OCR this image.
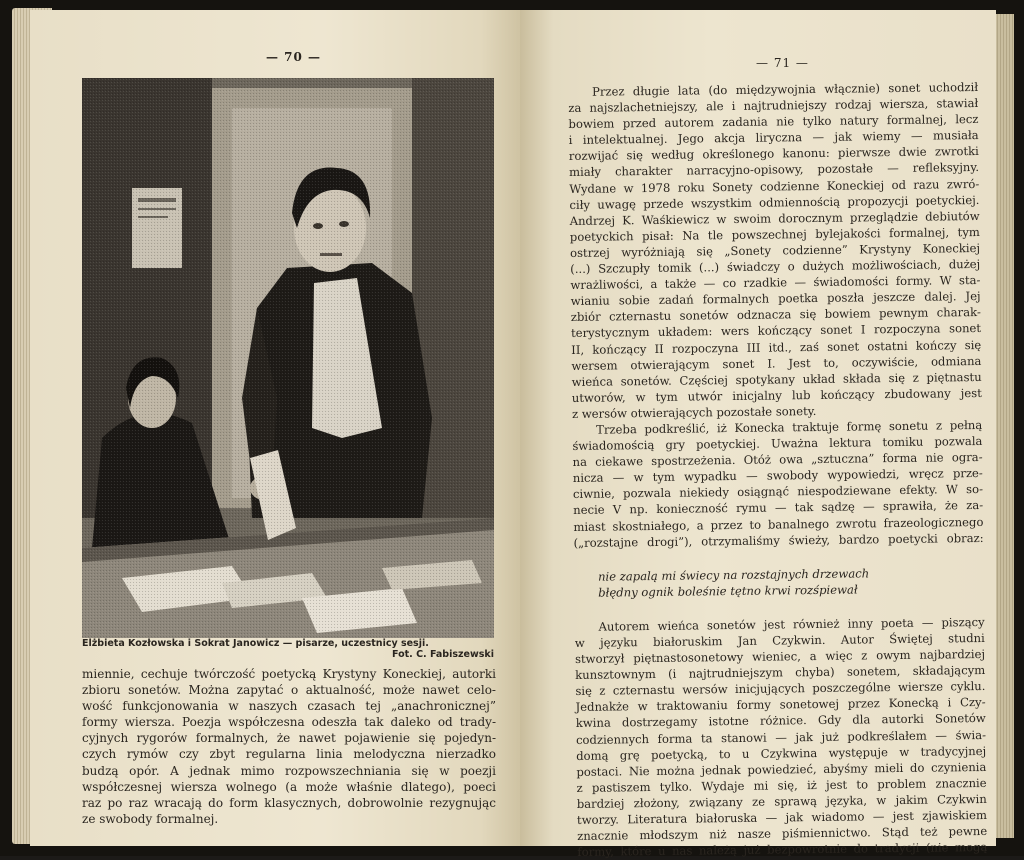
— 70 —
Elżbieta Kozłowska i Sokrat Janowicz — pisarze, uczestnicy sesji.
Fot. C. Fabiszewski
miennie, cechuje twórczość poetycką Krystyny Koneckiej, autorki
zbioru sonetów. Można zapytać o aktualność, może nawet celo-
wość funkcjonowania w naszych czasach tej „anachronicznej”
formy wiersza. Poezja współczesna odeszła tak daleko od trady-
cyjnych rygorów formalnych, że nawet pojawienie się pojedyn-
czych rymów czy zbyt regularna linia melodyczna nierzadko
budzą opór. A jednak mimo rozpowszechniania się w poezji
współczesnej wiersza wolnego (a może właśnie dlatego), poeci
raz po raz wracają do form klasycznych, dobrowolnie rezygnując
ze swobody formalnej.
— 71 —
Przez długie lata (do międzywojnia włącznie) sonet uchodził
za najszlachetniejszy, ale i najtrudniejszy rodzaj wiersza, stawiał
bowiem przed autorem zadania nie tylko natury formalnej, lecz
i intelektualnej. Jego akcja liryczna — jak wiemy — musiała
rozwijać się według określonego kanonu: pierwsze dwie zwrotki
miały charakter narracyjno-opisowy, pozostałe — refleksyjny.
Wydane w 1978 roku Sonety codzienne Koneckiej od razu zwró-
ciły uwagę przede wszystkim odmiennością propozycji poetyckiej.
Andrzej K. Waśkiewicz w swoim dorocznym przeglądzie debiutów
poetyckich pisał: Na tle powszechnej bylejakości formalnej, tym
ostrzej wyróżniają się „Sonety codzienne” Krystyny Koneckiej
(...) Szczupły tomik (...) świadczy o dużych możliwościach, dużej
wrażliwości, a także — co rzadkie — świadomości formy. W sta-
wianiu sobie zadań formalnych poetka poszła jeszcze dalej. Jej
zbiór czternastu sonetów odznacza się bowiem pewnym charak-
terystycznym układem: wers kończący sonet I rozpoczyna sonet
II, kończący II rozpoczyna III itd., zaś sonet ostatni kończy się
wersem otwierającym sonet I. Jest to, oczywiście, odmiana
wieńca sonetów. Częściej spotykany układ składa się z piętnastu
utworów, w tym utwór inicjalny lub kończący zbudowany jest
z wersów otwierających pozostałe sonety.
Trzeba podkreślić, iż Konecka traktuje formę sonetu z pełną
świadomością gry poetyckiej. Uważna lektura tomiku pozwala
na ciekawe spostrzeżenia. Otóż owa „sztuczna” forma nie ogra-
nicza — w tym wypadku — swobody wypowiedzi, wręcz prze-
ciwnie, pozwala niekiedy osiągnąć niespodziewane efekty. W so-
necie V np. konieczność rymu — tak sądzę — sprawiła, że za-
miast skostniałego, a przez to banalnego zwrotu frazeologicznego
(„rozstajne drogi”), otrzymaliśmy świeży, bardzo poetycki obraz:
nie zapalą mi świecy na rozstajnych drzewach
błędny ognik boleśnie tętno krwi rozśpiewał
Autorem wieńca sonetów jest również inny poeta — piszący
w języku białoruskim Jan Czykwin. Autor Świętej studni
stworzył piętnastosonetowy wieniec, a więc z owym najbardziej
kunsztownym (i najtrudniejszym chyba) sonetem, składającym
się z czternastu wersów inicjujących poszczególne wiersze cyklu.
Jednakże w traktowaniu formy sonetowej przez Konecką i Czy-
kwina dostrzegamy istotne różnice. Gdy dla autorki Sonetów
codziennych forma ta stanowi — jak już podkreślałem — świa-
domą grę poetycką, to u Czykwina występuje w tradycyjnej
postaci. Nie można jednak powiedzieć, abyśmy mieli do czynienia
z pastiszem tylko. Wydaje mi się, iż jest to problem znacznie
bardziej złożony, związany ze sprawą języka, w jakim Czykwin
tworzy. Literatura białoruska — jak wiadomo — jest zjawiskiem
znacznie młodszym niż nasze piśmiennictwo. Stąd też pewne
formy, które u nas należą już bezpowrotnie do tradycji (nie mogą
